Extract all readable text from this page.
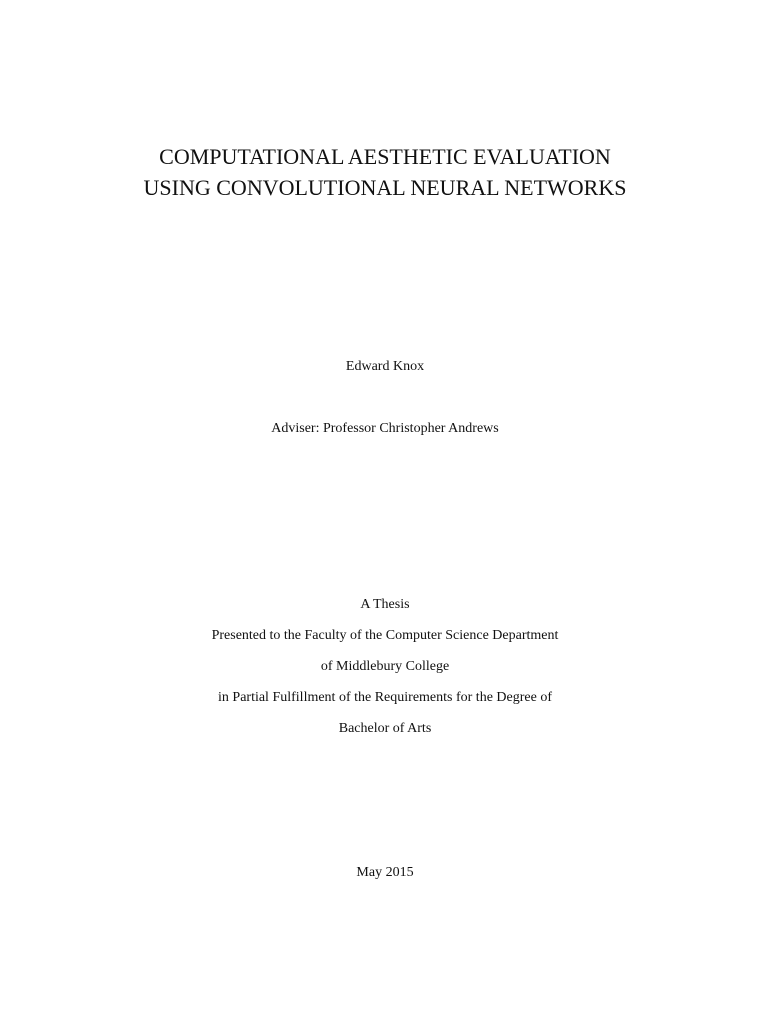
COMPUTATIONAL AESTHETIC EVALUATION
USING CONVOLUTIONAL NEURAL NETWORKS
Edward Knox
Adviser: Professor Christopher Andrews
A Thesis
Presented to the Faculty of the Computer Science Department
of Middlebury College
in Partial Fulfillment of the Requirements for the Degree of
Bachelor of Arts
May 2015
